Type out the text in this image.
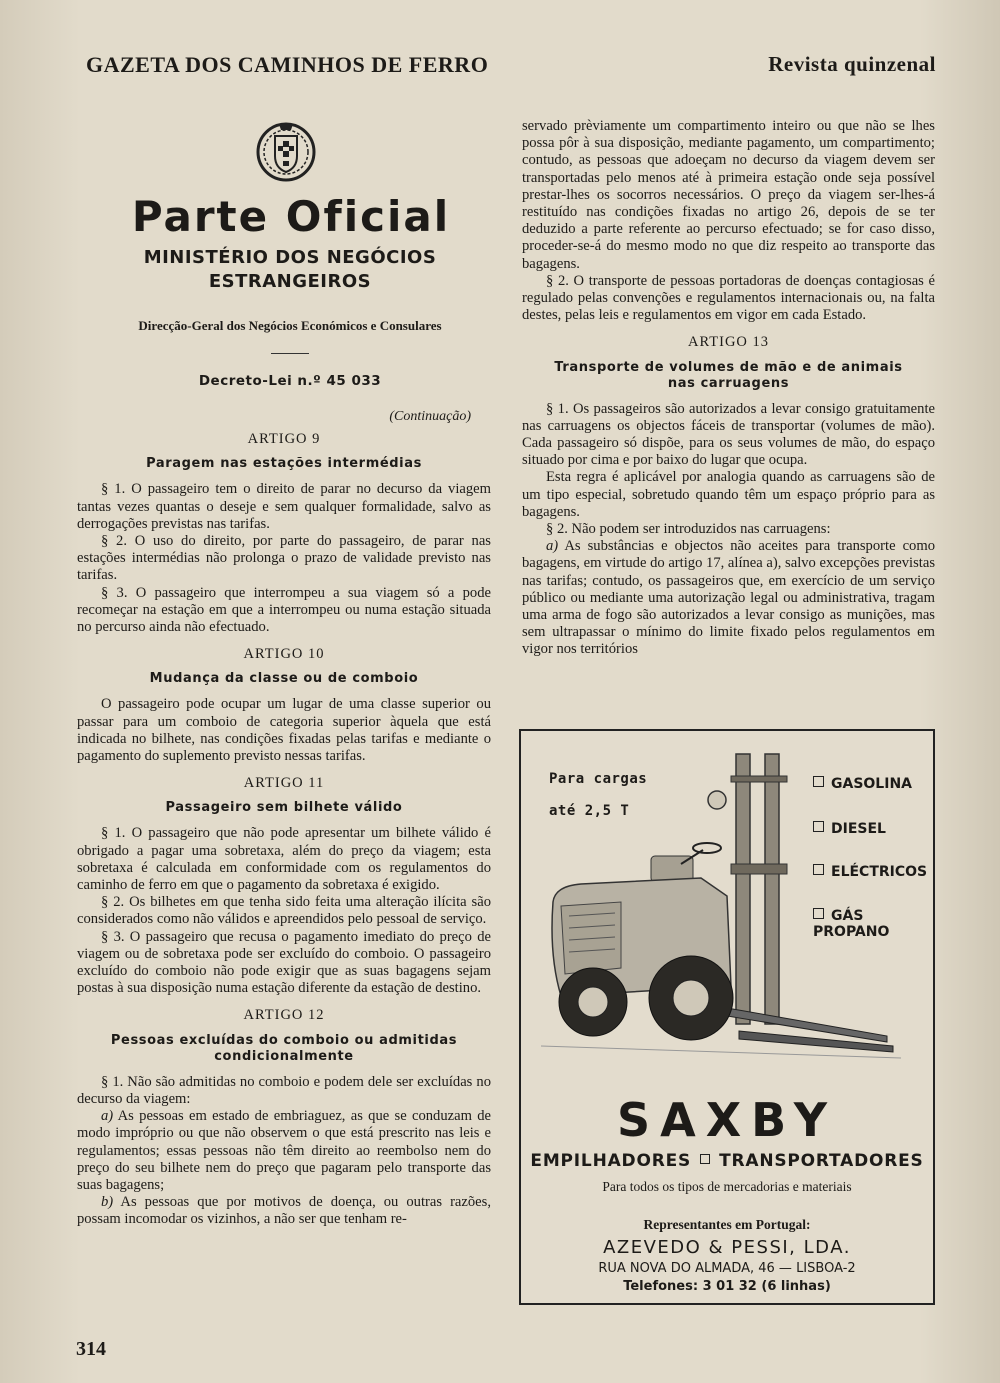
GAZETA DOS CAMINHOS DE FERRO	Revista quinzenal
Parte Oficial
MINISTÉRIO DOS NEGÓCIOS
ESTRANGEIROS
Direcção-Geral dos Negócios Económicos e Consulares
Decreto-Lei n.º 45 033
(Continuação)
ARTIGO 9
Paragem nas estações intermédias

§ 1. O passageiro tem o direito de parar no decurso da viagem tantas vezes quantas o deseje e sem qualquer formalidade, salvo as derrogações previstas nas tarifas.

§ 2. O uso do direito, por parte do passageiro, de parar nas estações intermédias não prolonga o prazo de validade previsto nas tarifas.

§ 3. O passageiro que interrompeu a sua viagem só a pode recomeçar na estação em que a interrompeu ou numa estação situada no percurso ainda não efectuado.

ARTIGO 10
Mudança da classe ou de comboio

O passageiro pode ocupar um lugar de uma classe superior ou passar para um comboio de categoria superior àquela que está indicada no bilhete, nas condições fixadas pelas tarifas e mediante o pagamento do suplemento previsto nessas tarifas.

ARTIGO 11
Passageiro sem bilhete válido

§ 1. O passageiro que não pode apresentar um bilhete válido é obrigado a pagar uma sobretaxa, além do preço da viagem; esta sobretaxa é calculada em conformidade com os regulamentos do caminho de ferro em que o pagamento da sobretaxa é exigido.

§ 2. Os bilhetes em que tenha sido feita uma alteração ilícita são considerados como não válidos e apreendidos pelo pessoal de serviço.

§ 3. O passageiro que recusa o pagamento imediato do preço de viagem ou de sobretaxa pode ser excluído do comboio. O passageiro excluído do comboio não pode exigir que as suas bagagens sejam postas à sua disposição numa estação diferente da estação de destino.

ARTIGO 12
Pessoas excluídas do comboio ou admitidas
condicionalmente

§ 1. Não são admitidas no comboio e podem dele ser excluídas no decurso da viagem:

a) As pessoas em estado de embriaguez, as que se conduzam de modo impróprio ou que não observem o que está prescrito nas leis e regulamentos; essas pessoas não têm direito ao reembolso nem do preço do seu bilhete nem do preço que pagaram pelo transporte das suas bagagens;

b) As pessoas que por motivos de doença, ou outras razões, possam incomodar os vizinhos, a não ser que tenham re-

servado prèviamente um compartimento inteiro ou que não se lhes possa pôr à sua disposição, mediante pagamento, um compartimento; contudo, as pessoas que adoeçam no decurso da viagem devem ser transportadas pelo menos até à primeira estação onde seja possível prestar-lhes os socorros necessários. O preço da viagem ser-lhes-á restituído nas condições fixadas no artigo 26, depois de se ter deduzido a parte referente ao percurso efectuado; se for caso disso, proceder-se-á do mesmo modo no que diz respeito ao transporte das bagagens.

§ 2. O transporte de pessoas portadoras de doenças contagiosas é regulado pelas convenções e regulamentos internacionais ou, na falta destes, pelas leis e regulamentos em vigor em cada Estado.

ARTIGO 13
Transporte de volumes de mão e de animais
nas carruagens

§ 1. Os passageiros são autorizados a levar consigo gratuitamente nas carruagens os objectos fáceis de transportar (volumes de mão). Cada passageiro só dispõe, para os seus volumes de mão, do espaço situado por cima e por baixo do lugar que ocupa.

Esta regra é aplicável por analogia quando as carruagens são de um tipo especial, sobretudo quando têm um espaço próprio para as bagagens.

§ 2. Não podem ser introduzidos nas carruagens:

a) As substâncias e objectos não aceites para transporte como bagagens, em virtude do artigo 17, alínea a), salvo excepções previstas nas tarifas; contudo, os passageiros que, em exercício de um serviço público ou mediante uma autorização legal ou administrativa, tragam uma arma de fogo são autorizados a levar consigo as munições, mas sem ultrapassar o mínimo do limite fixado pelos regulamentos em vigor nos territórios

Para cargas
até 2,5 T
GASOLINA
DIESEL
ELÉCTRICOS
GÁS PROPANO
SAXBY
EMPILHADORES TRANSPORTADORES
Para todos os tipos de mercadorias e materiais
Representantes em Portugal:
AZEVEDO & PESSI, LDA.
RUA NOVA DO ALMADA, 46 — LISBOA-2
Telefones: 3 01 32 (6 linhas)
314
